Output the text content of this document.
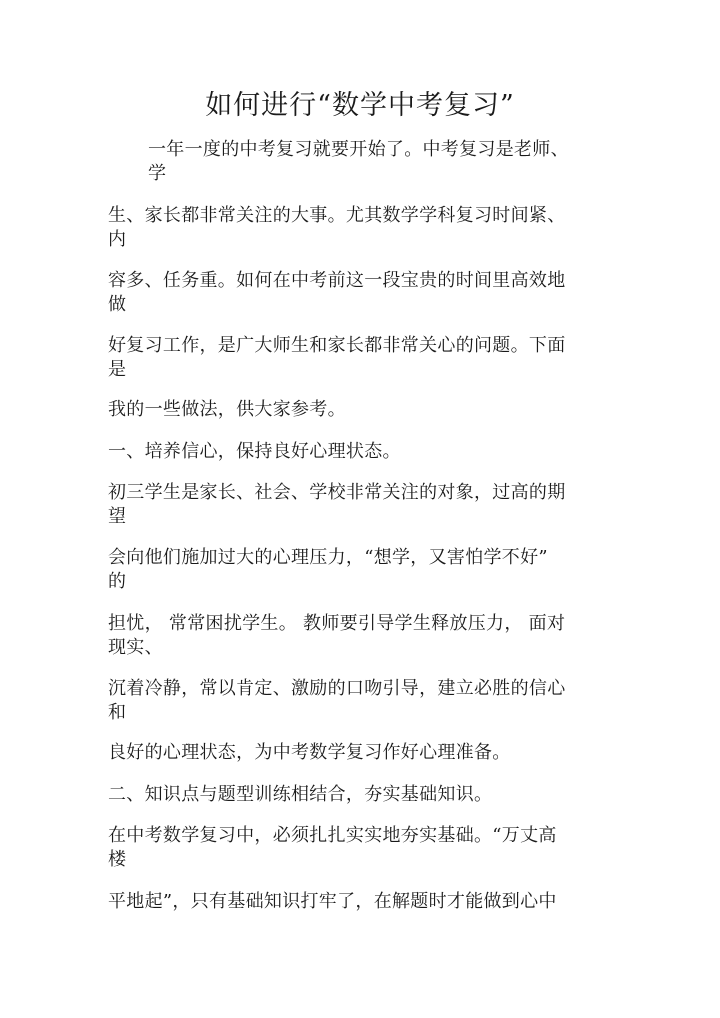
如何进行“数学中考复习”
一年一度的中考复习就要开始了。中考复习是老师、
学
生、家长都非常关注的大事。尤其数学学科复习时间紧、
内
容多、任务重。如何在中考前这一段宝贵的时间里高效地
做
好复习工作，是广大师生和家长都非常关心的问题。下面
是
我的一些做法，供大家参考。
一、培养信心，保持良好心理状态。
初三学生是家长、社会、学校非常关注的对象，过高的期
望
会向他们施加过大的心理压力，“想学，又害怕学不好”
的
担忧， 常常困扰学生。 教师要引导学生释放压力， 面对
现实、
沉着冷静，常以肯定、激励的口吻引导，建立必胜的信心
和
良好的心理状态，为中考数学复习作好心理准备。
二、知识点与题型训练相结合，夯实基础知识。
在中考数学复习中，必须扎扎实实地夯实基础。“万丈高
楼
平地起”，只有基础知识打牢了，在解题时才能做到心中
